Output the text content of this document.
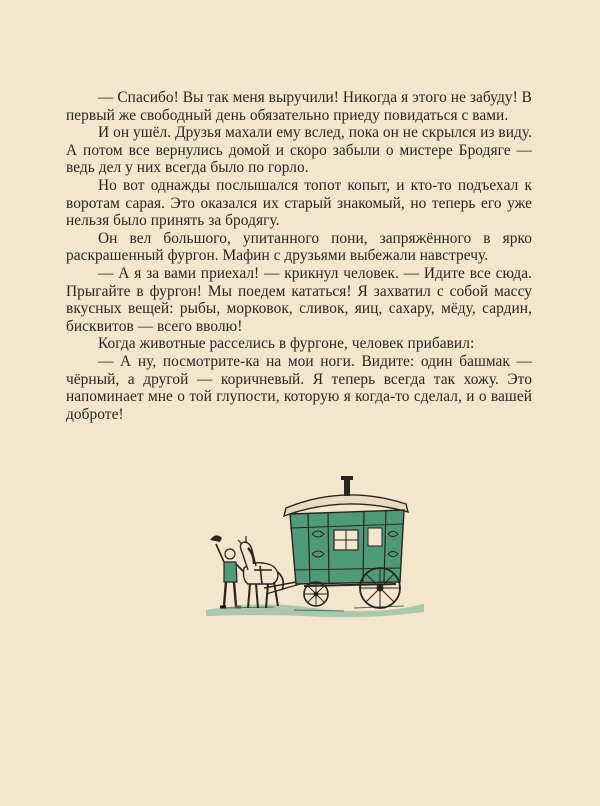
— Спасибо! Вы так меня выручили! Никогда я этого не забуду! В первый же свободный день обязательно приеду повидаться с вами.

И он ушёл. Друзья махали ему вслед, пока он не скрылся из виду. А потом все вернулись домой и скоро забыли о мистере Бродяге — ведь дел у них всегда было по горло.

Но вот однажды послышался топот копыт, и кто-то подъехал к воротам сарая. Это оказался их старый знакомый, но теперь его уже нельзя было принять за бродягу.

Он вел большого, упитанного пони, запряжённого в ярко раскрашенный фургон. Мафин с друзьями выбежали навстречу.

— А я за вами приехал! — крикнул человек. — Идите все сюда. Прыгайте в фургон! Мы поедем кататься! Я захватил с собой массу вкусных вещей: рыбы, морковок, сливок, яиц, сахару, мёду, сардин, бисквитов — всего вволю!

Когда животные расселись в фургоне, человек прибавил:

— А ну, посмотрите-ка на мои ноги. Видите: один башмак — чёрный, а другой — коричневый. Я теперь всегда так хожу. Это напоминает мне о той глупости, которую я когда-то сделал, и о вашей доброте!
